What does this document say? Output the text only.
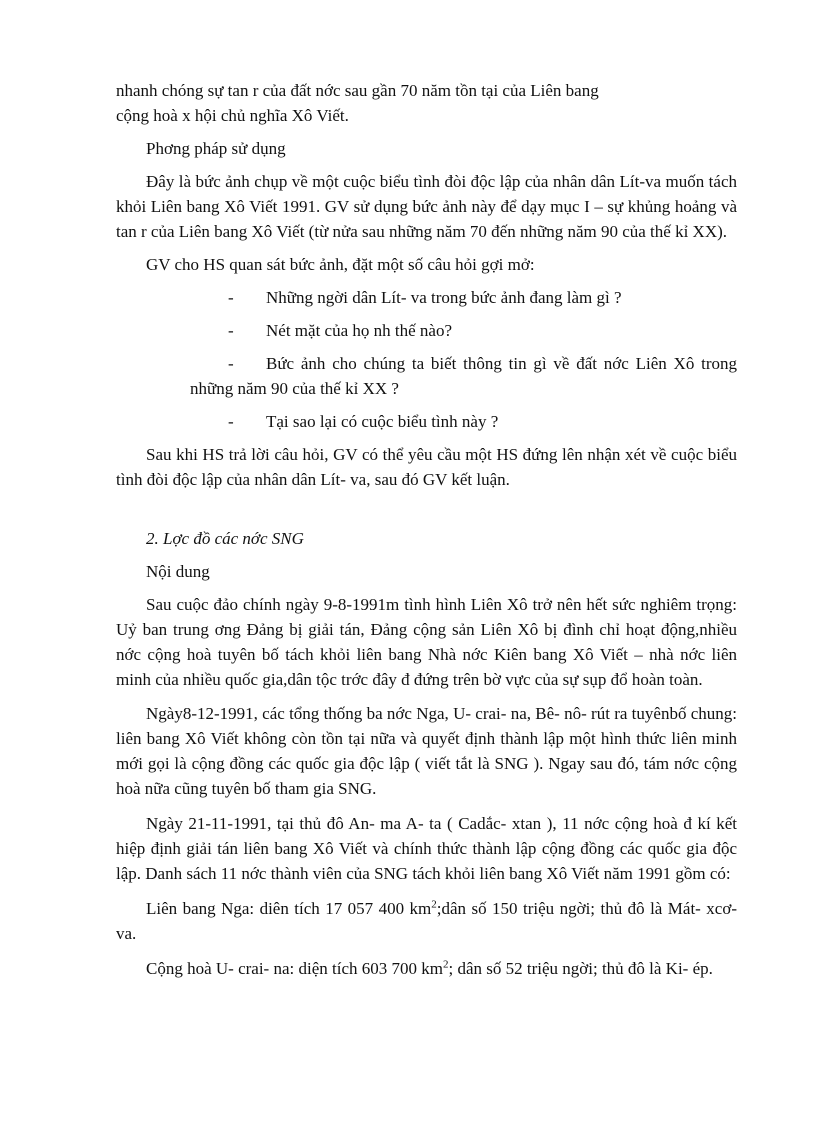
nhanh chóng sự tan r của đất nớc sau gần 70 năm tồn tại của Liên bang
cộng hoà x hội chủ nghĩa Xô Viết.

Phơng pháp sử dụng

Đây là bức ảnh chụp về một cuộc biểu tình đòi độc lập của nhân dân Lít-va muốn tách khỏi Liên bang Xô Viết 1991. GV sử dụng bức ảnh này để dạy mục I – sự khủng hoảng và tan r của Liên bang Xô Viết (từ nửa sau những năm 70 đến những năm 90 của thế kỉ XX).

GV cho HS quan sát bức ảnh, đặt một số câu hỏi gợi mở:

- Những ngời dân Lít- va trong bức ảnh đang làm gì ?

- Nét mặt của họ nh thế nào?

- Bức ảnh cho chúng ta biết thông tin gì về đất nớc Liên Xô trong những năm 90 của thế kỉ XX ?

- Tại sao lại có cuộc biểu tình này ?

Sau khi HS trả lời câu hỏi, GV có thể yêu cầu một HS đứng lên nhận xét về cuộc biểu tình đòi độc lập của nhân dân Lít- va, sau đó GV kết luận.

2. Lợc đồ các nớc SNG

Nội dung

Sau cuộc đảo chính ngày 9-8-1991m tình hình Liên Xô trở nên hết sức nghiêm trọng: Uỷ ban trung ơng Đảng bị giải tán, Đảng cộng sản Liên Xô bị đình chỉ hoạt động,nhiều nớc cộng hoà tuyên bố tách khỏi liên bang Nhà nớc Kiên bang Xô Viết – nhà nớc liên minh của nhiều quốc gia,dân tộc trớc đây đ đứng trên bờ vực của sự sụp đổ hoàn toàn.

Ngày8-12-1991, các tổng thống ba nớc Nga, U- crai- na, Bê- nô- rút ra tuyênbố chung: liên bang Xô Viết không còn tồn tại nữa và quyết định thành lập một hình thức liên minh mới gọi là cộng đồng các quốc gia độc lập ( viết tắt là SNG ). Ngay sau đó, tám nớc cộng hoà nữa cũng tuyên bố tham gia SNG.

Ngày 21-11-1991, tại thủ đô An- ma A- ta ( Cadắc- xtan ), 11 nớc cộng hoà đ kí kết hiệp định giải tán liên bang Xô Viết và chính thức thành lập cộng đồng các quốc gia độc lập. Danh sách 11 nớc thành viên của SNG tách khỏi liên bang Xô Viết năm 1991 gồm có:

Liên bang Nga: diên tích 17 057 400 $km^2;dân$ số 150 triệu ngời; thủ đô là Mát- xcơ- va.

Cộng hoà U- crai- na: diện tích 603 700 $km^2$; dân số 52 triệu ngời; thủ đô là Ki- ép.
